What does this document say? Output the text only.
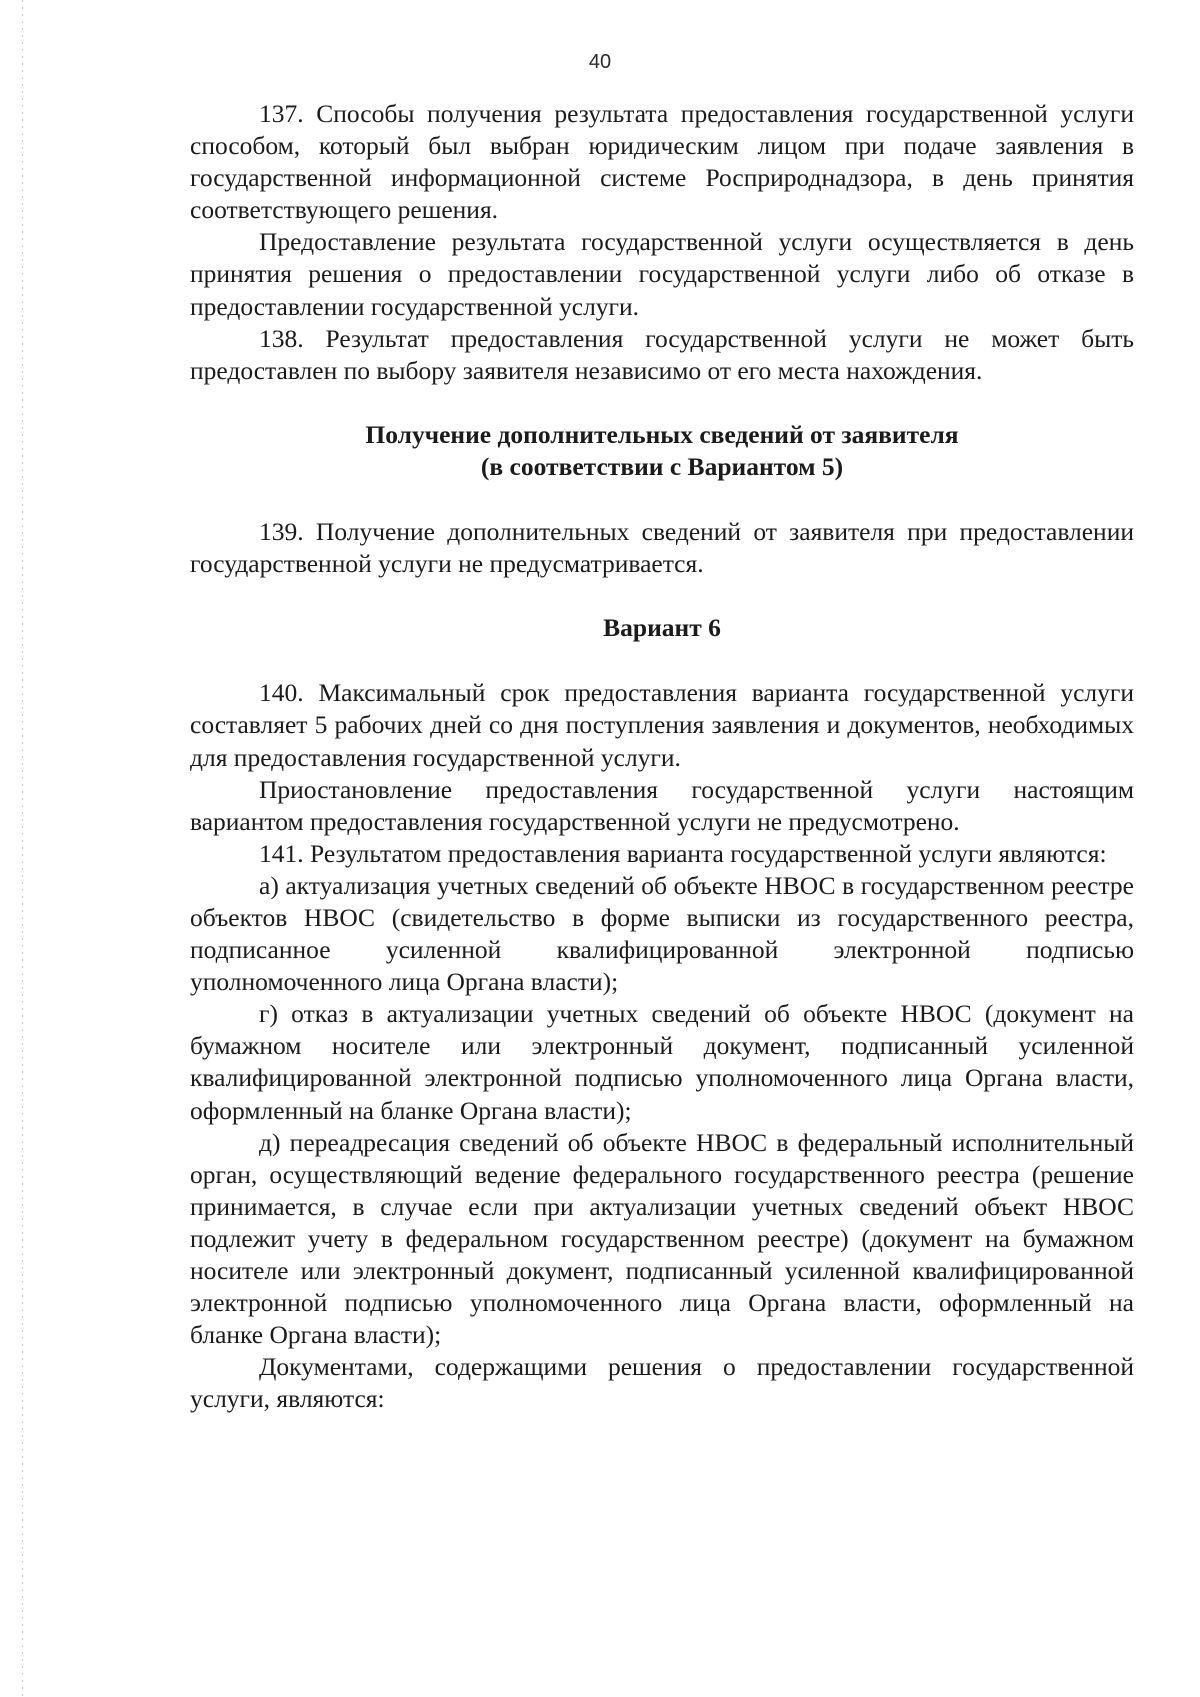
40

137. Способы получения результата предоставления государственной услуги способом, который был выбран юридическим лицом при подаче заявления в государственной информационной системе Росприроднадзора, в день принятия соответствующего решения.

Предоставление результата государственной услуги осуществляется в день принятия решения о предоставлении государственной услуги либо об отказе в предоставлении государственной услуги.

138. Результат предоставления государственной услуги не может быть предоставлен по выбору заявителя независимо от его места нахождения.

Получение дополнительных сведений от заявителя
(в соответствии с Вариантом 5)

139. Получение дополнительных сведений от заявителя при предоставлении государственной услуги не предусматривается.

Вариант 6

140. Максимальный срок предоставления варианта государственной услуги составляет 5 рабочих дней со дня поступления заявления и документов, необходимых для предоставления государственной услуги.

Приостановление предоставления государственной услуги настоящим вариантом предоставления государственной услуги не предусмотрено.

141. Результатом предоставления варианта государственной услуги являются:

а) актуализация учетных сведений об объекте НВОС в государственном реестре объектов НВОС (свидетельство в форме выписки из государственного реестра, подписанное усиленной квалифицированной электронной подписью уполномоченного лица Органа власти);

г) отказ в актуализации учетных сведений об объекте НВОС (документ на бумажном носителе или электронный документ, подписанный усиленной квалифицированной электронной подписью уполномоченного лица Органа власти, оформленный на бланке Органа власти);

д) переадресация сведений об объекте НВОС в федеральный исполнительный орган, осуществляющий ведение федерального государственного реестра (решение принимается, в случае если при актуализации учетных сведений объект НВОС подлежит учету в федеральном государственном реестре) (документ на бумажном носителе или электронный документ, подписанный усиленной квалифицированной электронной подписью уполномоченного лица Органа власти, оформленный на бланке Органа власти);

Документами, содержащими решения о предоставлении государственной услуги, являются:
